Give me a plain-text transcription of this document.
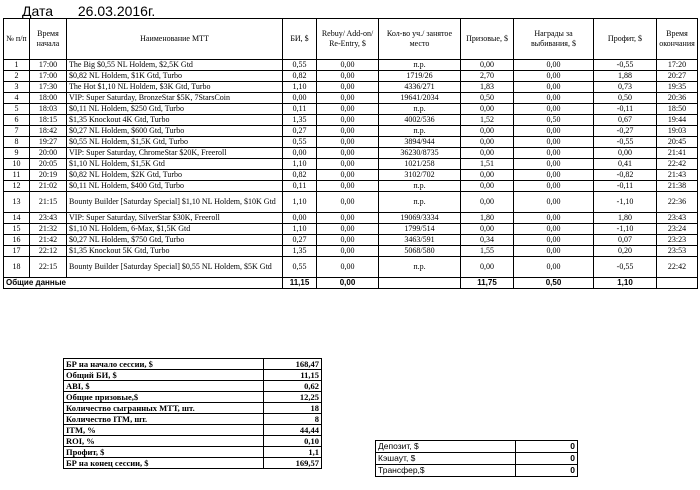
Дата 26.03.2016г.
№ п/п	Время начала	Наименование МТТ	БИ, $	Rebuy/ Add-on/ Re-Entry, $	Кол-во уч./ занятое место	Призовые, $	Награды за выбивания, $	Профит, $	Время окончания
1	17:00	The Big $0,55 NL Holdem, $2,5K Gtd	0,55	0,00	п.р.	0,00	0,00	-0,55	17:20
2	17:00	$0,82 NL Holdem, $1K Gtd, Turbo	0,82	0,00	1719/26	2,70	0,00	1,88	20:27
3	17:30	The Hot $1,10 NL Holdem, $3K Gtd, Turbo	1,10	0,00	4336/271	1,83	0,00	0,73	19:35
4	18:00	VIP: Super Saturday, BronzeStar $5K, 7StarsCoin	0,00	0,00	19641/2034	0,50	0,00	0,50	20:36
5	18:03	$0,11 NL Holdem, $250 Gtd, Turbo	0,11	0,00	п.р.	0,00	0,00	-0,11	18:50
6	18:15	$1,35 Knockout 4K Gtd, Turbo	1,35	0,00	4002/536	1,52	0,50	0,67	19:44
7	18:42	$0,27 NL Holdem, $600 Gtd, Turbo	0,27	0,00	п.р.	0,00	0,00	-0,27	19:03
8	19:27	$0,55 NL Holdem, $1,5K Gtd, Turbo	0,55	0,00	3894/944	0,00	0,00	-0,55	20:45
9	20:00	VIP: Super Saturday, ChromeStar $20K, Freeroll	0,00	0,00	36230/8735	0,00	0,00	0,00	21:41
10	20:05	$1,10 NL Holdem, $1,5K Gtd	1,10	0,00	1021/258	1,51	0,00	0,41	22:42
11	20:19	$0,82 NL Holdem, $2K Gtd, Turbo	0,82	0,00	3102/702	0,00	0,00	-0,82	21:43
12	21:02	$0,11 NL Holdem, $400 Gtd, Turbo	0,11	0,00	п.р.	0,00	0,00	-0,11	21:38
13	21:15	Bounty Builder [Saturday Special] $1,10 NL Holdem, $10K Gtd	1,10	0,00	п.р.	0,00	0,00	-1,10	22:36
14	23:43	VIP: Super Saturday, SilverStar $30K, Freeroll	0,00	0,00	19069/3334	1,80	0,00	1,80	23:43
15	21:32	$1,10 NL Holdem, 6-Max, $1,5K Gtd	1,10	0,00	1799/514	0,00	0,00	-1,10	23:24
16	21:42	$0,27 NL Holdem, $750 Gtd, Turbo	0,27	0,00	3463/591	0,34	0,00	0,07	23:23
17	22:12	$1,35 Knockout 5K Gtd, Turbo	1,35	0,00	5068/580	1,55	0,00	0,20	23:53
18	22:15	Bounty Builder [Saturday Special] $0,55 NL Holdem, $5K Gtd	0,55	0,00	п.р.	0,00	0,00	-0,55	22:42
Общие данные			11,15	0,00		11,75	0,50	1,10	
БР на начало сессии, $	168,47
Общий БИ, $	11,15
ABI, $	0,62
Общие призовые,$	12,25
Количество сыгранных МТТ, шт.	18
Количество ITM, шт.	8
ITM, %	44,44
ROI, %	0,10
Профит, $	1,1
БР на конец сессии, $	169,57
Депозит, $	0
Кэшаут, $	0
Трансфер,$	0
